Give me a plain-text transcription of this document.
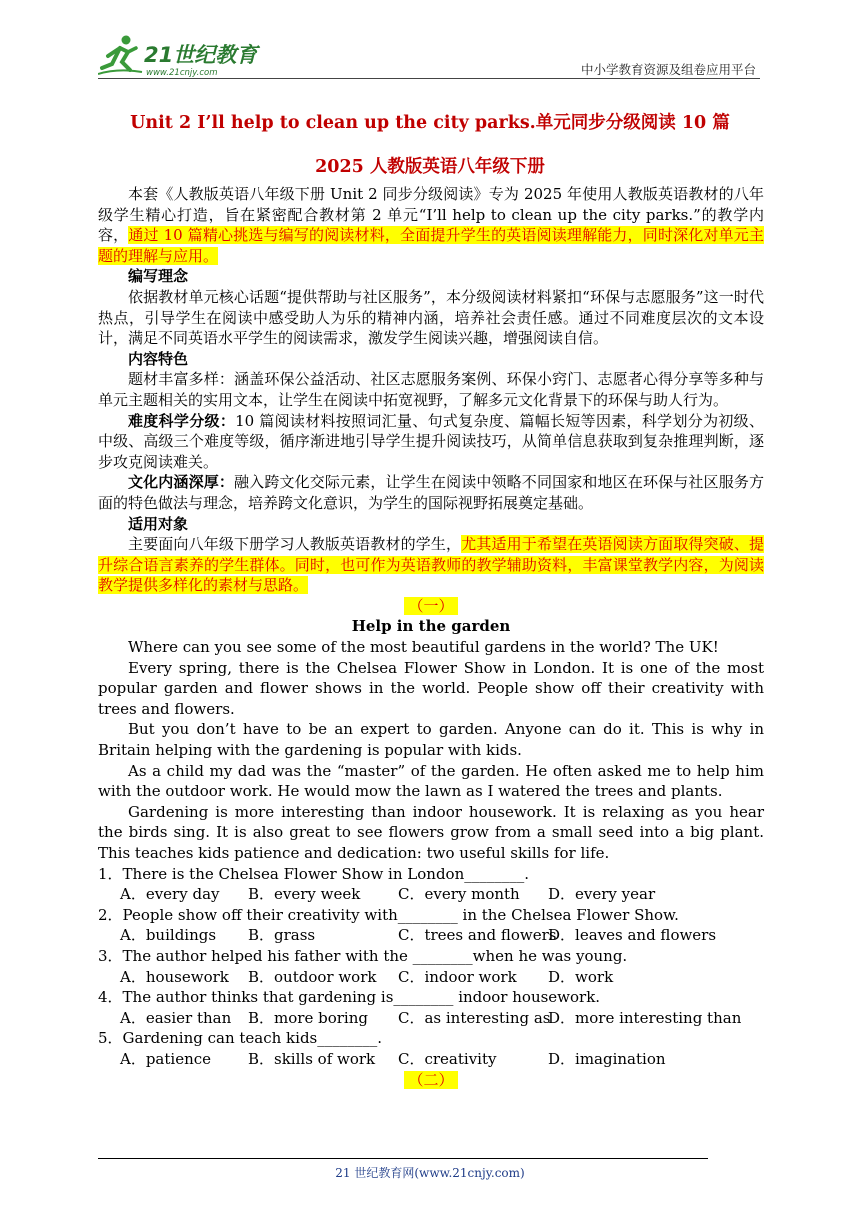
21世纪教育
www.21cnjy.com	中小学教育资源及组卷应用平台
Unit 2 I’ll help to clean up the city parks.单元同步分级阅读 10 篇
2025 人教版英语八年级下册

本套《人教版英语八年级下册 Unit 2 同步分级阅读》专为 2025 年使用人教版英语教材的八年级学生精心打造，旨在紧密配合教材第 2 单元“I’ll help to clean up the city parks.”的教学内容，通过 10 篇精心挑选与编写的阅读材料，全面提升学生的英语阅读理解能力，同时深化对单元主题的理解与应用。

编写理念

依据教材单元核心话题“提供帮助与社区服务”，本分级阅读材料紧扣“环保与志愿服务”这一时代热点，引导学生在阅读中感受助人为乐的精神内涵，培养社会责任感。通过不同难度层次的文本设计，满足不同英语水平学生的阅读需求，激发学生阅读兴趣，增强阅读自信。

内容特色

题材丰富多样：涵盖环保公益活动、社区志愿服务案例、环保小窍门、志愿者心得分享等多种与单元主题相关的实用文本，让学生在阅读中拓宽视野，了解多元文化背景下的环保与助人行为。

难度科学分级：10 篇阅读材料按照词汇量、句式复杂度、篇幅长短等因素，科学划分为初级、中级、高级三个难度等级，循序渐进地引导学生提升阅读技巧，从简单信息获取到复杂推理判断，逐步攻克阅读难关。

文化内涵深厚：融入跨文化交际元素，让学生在阅读中领略不同国家和地区在环保与社区服务方面的特色做法与理念，培养跨文化意识，为学生的国际视野拓展奠定基础。

适用对象

主要面向八年级下册学习人教版英语教材的学生，尤其适用于希望在英语阅读方面取得突破、提升综合语言素养的学生群体。同时，也可作为英语教师的教学辅助资料，丰富课堂教学内容，为阅读教学提供多样化的素材与思路。

（一）

Help in the garden

Where can you see some of the most beautiful gardens in the world? The UK!

Every spring, there is the Chelsea Flower Show in London. It is one of the most popular garden and flower shows in the world. People show off their creativity with trees and flowers.

But you don’t have to be an expert to garden. Anyone can do it. This is why in Britain helping with the gardening is popular with kids.

As a child my dad was the “master” of the garden. He often asked me to help him with the outdoor work. He would mow the lawn as I watered the trees and plants.

Gardening is more interesting than indoor housework. It is relaxing as you hear the birds sing. It is also great to see flowers grow from a small seed into a big plant. This teaches kids patience and dedication: two useful skills for life.

1．There is the Chelsea Flower Show in London________.

A．every day	B．every week	C．every month	D．every year

2．People show off their creativity with________ in the Chelsea Flower Show.

A．buildings	B．grass	C．trees and flowers
D．leaves and flowers

3．The author helped his father with the ________when he was young.

A．housework	B．outdoor work	C．indoor work	D．work

4．The author thinks that gardening is________ indoor housework.

A．easier than	B．more boring	C．as interesting as
D．more interesting than

5．Gardening can teach kids________.

A．patience	B．skills of work	C．creativity	D．imagination

（二）

21 世纪教育网(www.21cnjy.com)
